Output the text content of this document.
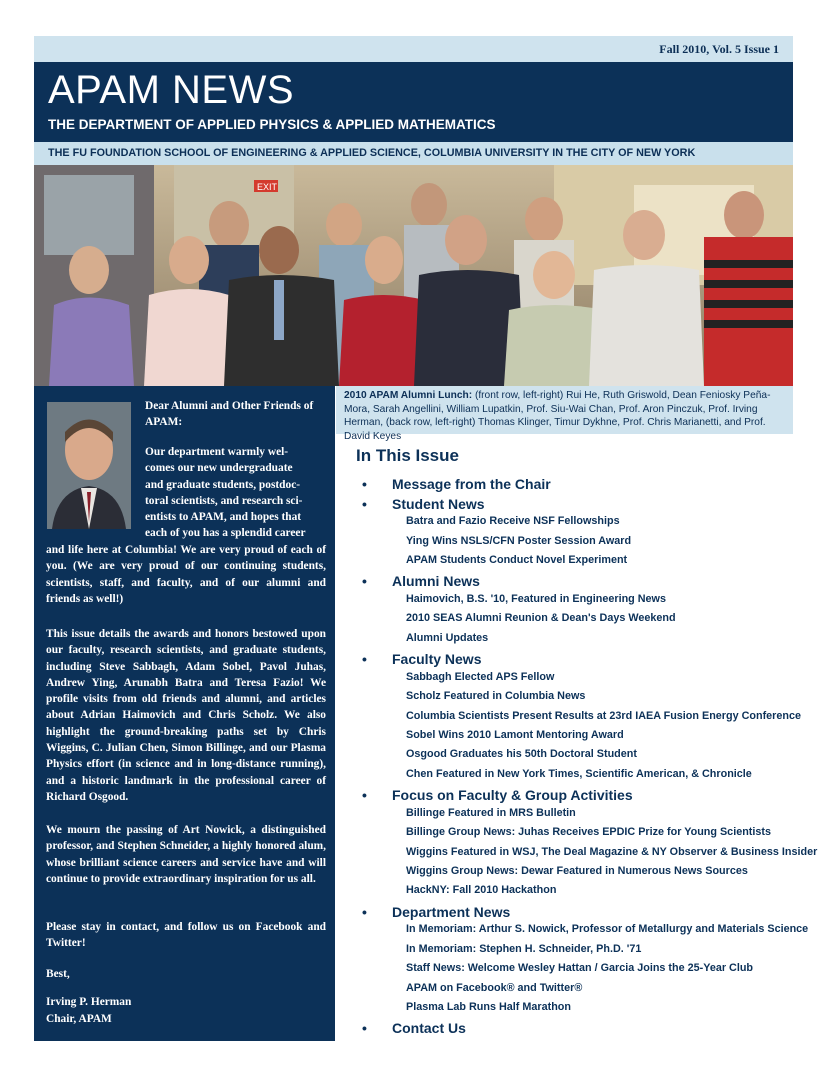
Fall 2010, Vol. 5 Issue 1
APAM NEWS
THE DEPARTMENT OF APPLIED PHYSICS & APPLIED MATHEMATICS
THE FU FOUNDATION SCHOOL OF ENGINEERING & APPLIED SCIENCE, COLUMBIA UNIVERSITY IN THE CITY OF NEW YORK
EXIT

Dear Alumni and Other Friends of APAM:

Our department warmly wel-

comes our new undergraduate

and graduate students, postdoc-

toral scientists, and research sci-

entists to APAM, and hopes that

each of you has a splendid career

and life here at Columbia! We are very proud of each of you. (We are very proud of our continuing students, scientists, staff, and faculty, and of our alumni and friends as well!)

This issue details the awards and honors bestowed upon our faculty, research scientists, and graduate students, including Steve Sabbagh, Adam Sobel, Pavol Juhas, Andrew Ying, Arunabh Batra and Teresa Fazio! We profile visits from old friends and alumni, and articles about Adrian Haimovich and Chris Scholz. We also highlight the ground-breaking paths set by Chris Wiggins, C. Julian Chen, Simon Billinge, and our Plasma Physics effort (in science and in long-distance running), and a historic landmark in the professional career of Richard Osgood.

We mourn the passing of Art Nowick, a distinguished professor, and Stephen Schneider, a highly honored alum, whose brilliant science careers and service have and will continue to provide extraordinary inspiration for us all.

Please stay in contact, and follow us on Facebook and Twitter!

Best,

Irving P. Herman

Chair, APAM

2010 APAM Alumni Lunch: (front row, left-right) Rui He, Ruth Griswold, Dean Feniosky Peña-Mora, Sarah Angellini, William Lupatkin, Prof. Siu-Wai Chan, Prof. Aron Pinczuk, Prof. Irving Herman, (back row, left-right) Thomas Klinger, Timur Dykhne, Prof. Chris Marianetti, and Prof. David Keyes
In This Issue
• Message from the Chair
• Student News
Batra and Fazio Receive NSF Fellowships
Ying Wins NSLS/CFN Poster Session Award
APAM Students Conduct Novel Experiment
• Alumni News
Haimovich, B.S. '10, Featured in Engineering News
2010 SEAS Alumni Reunion & Dean's Days Weekend
Alumni Updates
• Faculty News
Sabbagh Elected APS Fellow
Scholz Featured in Columbia News
Columbia Scientists Present Results at 23rd IAEA Fusion Energy Conference
Sobel Wins 2010 Lamont Mentoring Award
Osgood Graduates his 50th Doctoral Student
Chen Featured in New York Times, Scientific American, & Chronicle
• Focus on Faculty & Group Activities
Billinge Featured in MRS Bulletin
Billinge Group News: Juhas Receives EPDIC Prize for Young Scientists
Wiggins Featured in WSJ, The Deal Magazine & NY Observer & Business Insider
Wiggins Group News: Dewar Featured in Numerous News Sources
HackNY: Fall 2010 Hackathon
• Department News
In Memoriam: Arthur S. Nowick, Professor of Metallurgy and Materials Science
In Memoriam: Stephen H. Schneider, Ph.D. '71
Staff News: Welcome Wesley Hattan / Garcia Joins the 25-Year Club
APAM on Facebook® and Twitter®
Plasma Lab Runs Half Marathon
• Contact Us
